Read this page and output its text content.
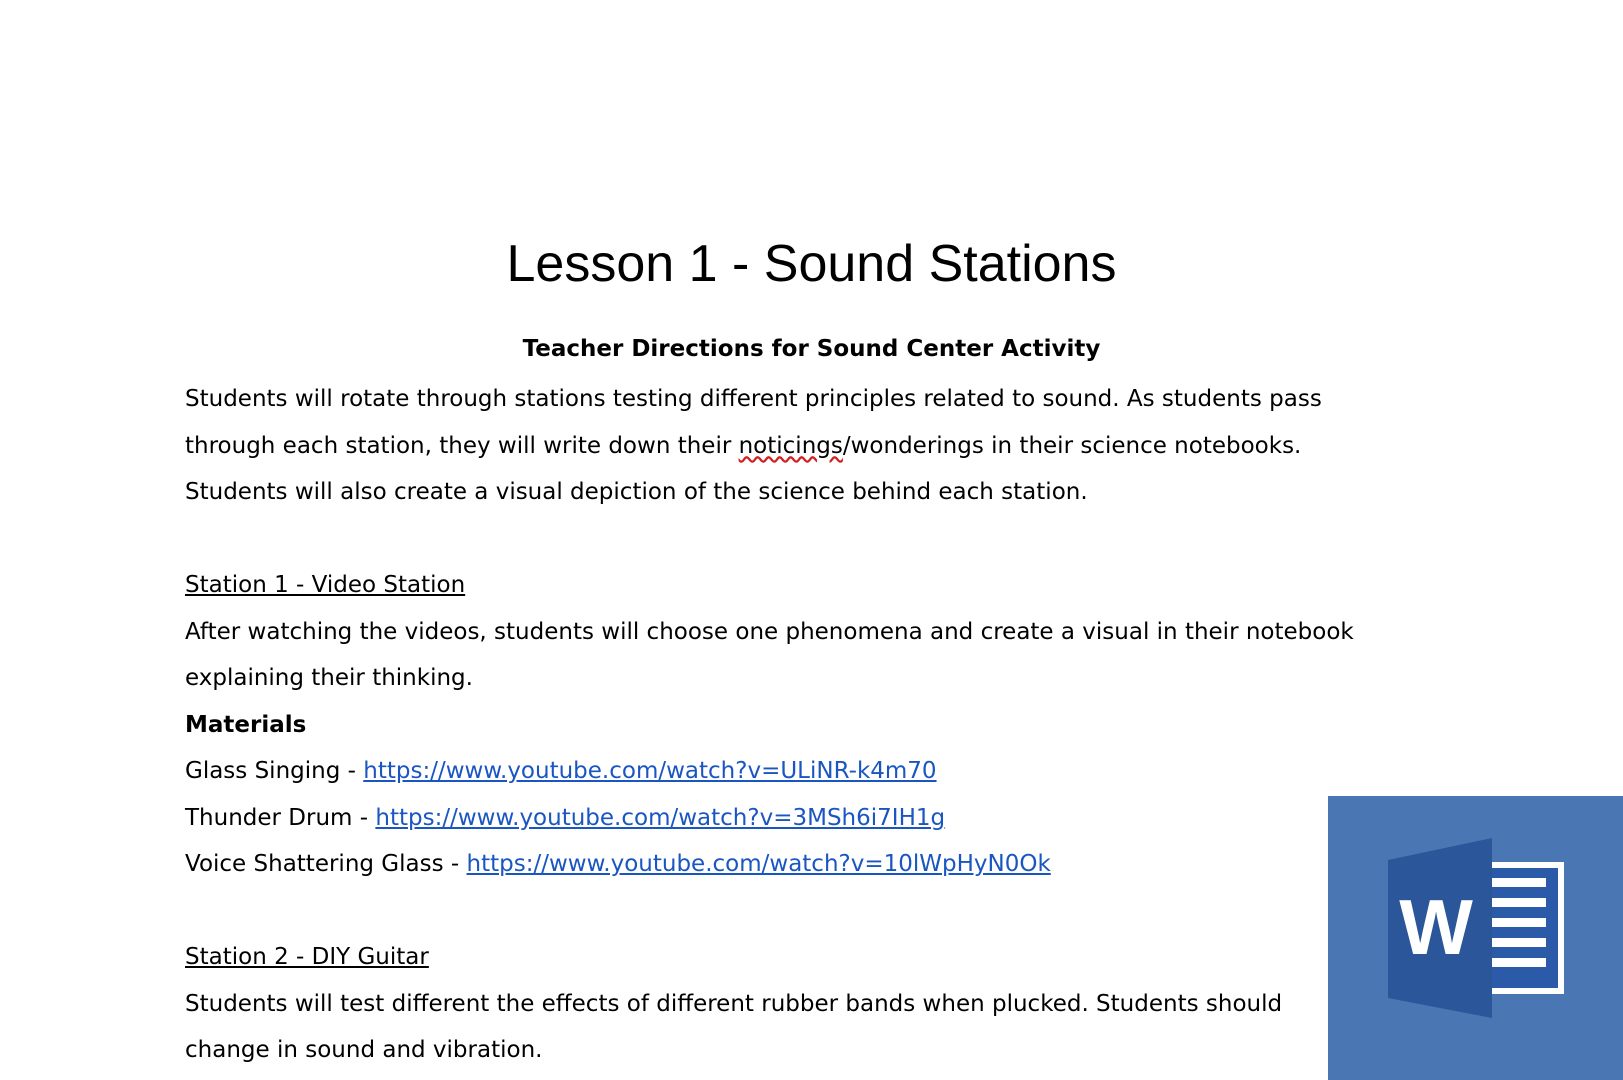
Lesson 1 - Sound Stations
Teacher Directions for Sound Center Activity

Students will rotate through stations testing different principles related to sound. As students pass

through each station, they will write down their noticings/wonderings in their science notebooks.

Students will also create a visual depiction of the science behind each station.

Station 1 - Video Station

After watching the videos, students will choose one phenomena and create a visual in their notebook

explaining their thinking.

Materials

Glass Singing - https://www.youtube.com/watch?v=ULiNR-k4m70

Thunder Drum - https://www.youtube.com/watch?v=3MSh6i7IH1g

Voice Shattering Glass - https://www.youtube.com/watch?v=10lWpHyN0Ok

Station 2 - DIY Guitar

Students will test different the effects of different rubber bands when plucked. Students should

change in sound and vibration.

W
